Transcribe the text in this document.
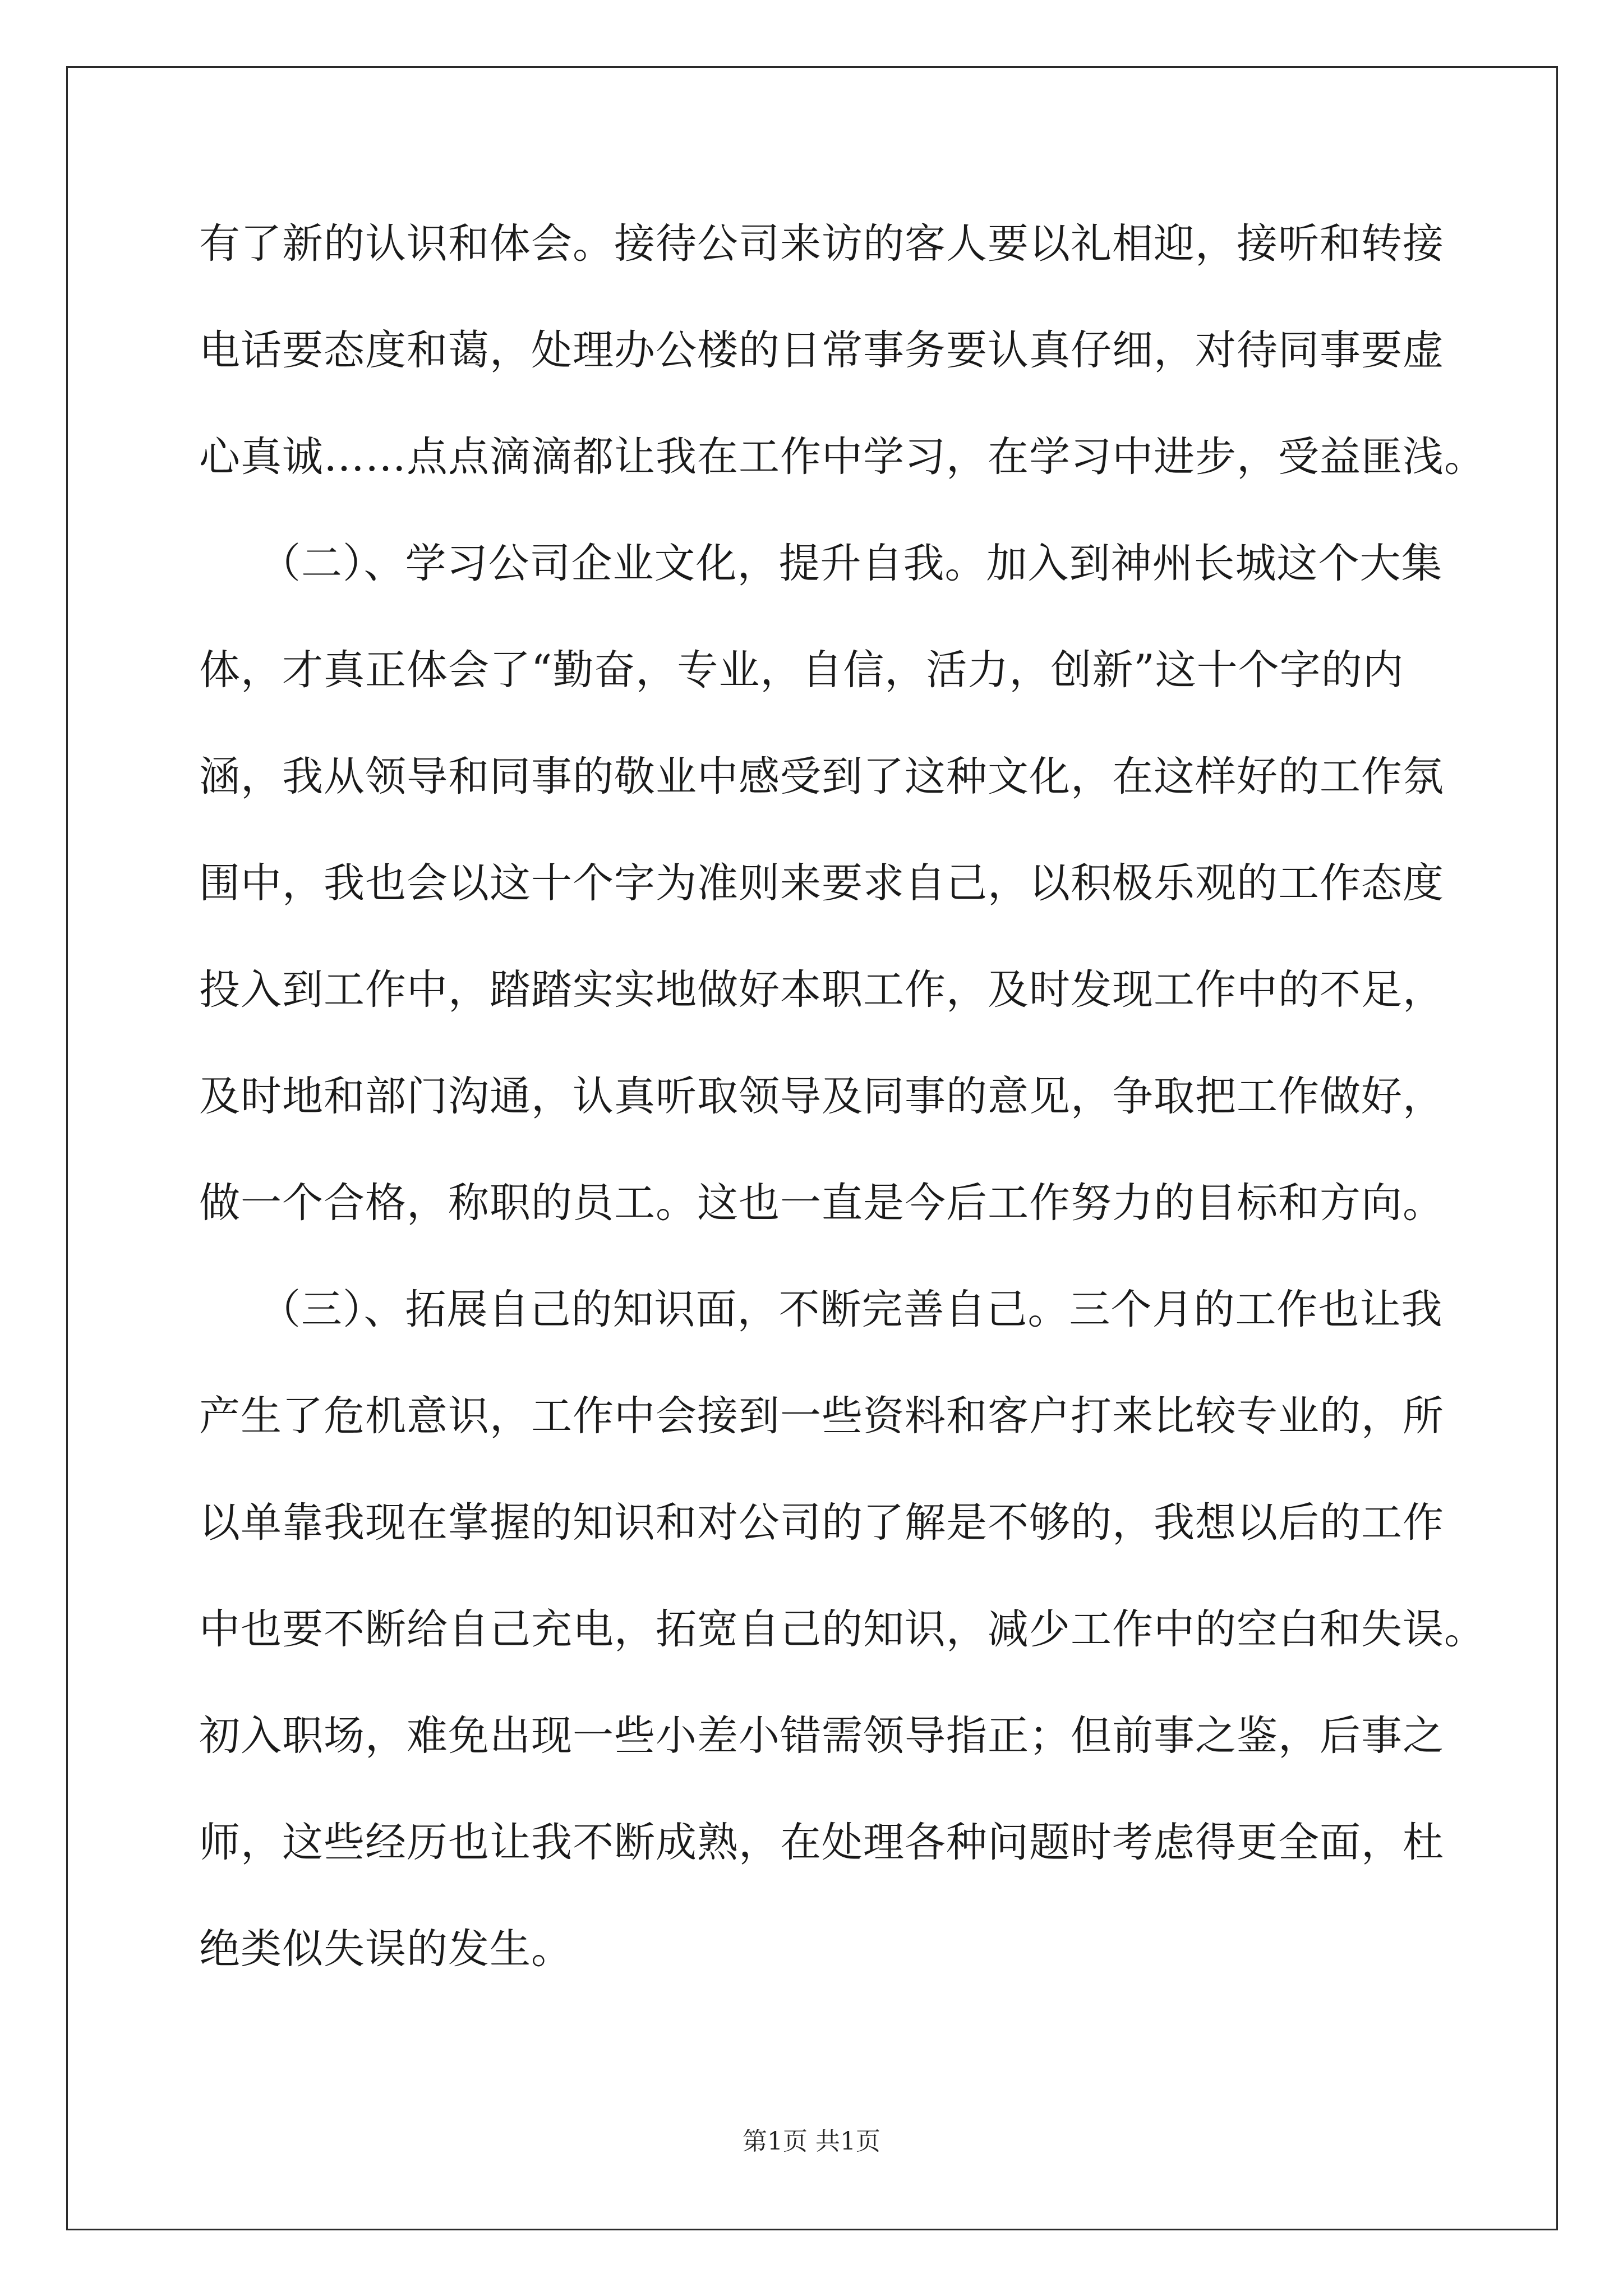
有了新的认识和体会。接待公司来访的客人要以礼相迎，接听和转接
电话要态度和蔼，处理办公楼的日常事务要认真仔细，对待同事要虚
心真诚……点点滴滴都让我在工作中学习，在学习中进步，受益匪浅。
（二）、学习公司企业文化，提升自我。加入到神州长城这个大集
体，才真正体会了“勤奋，专业，自信，活力，创新”这十个字的内
涵，我从领导和同事的敬业中感受到了这种文化，在这样好的工作氛
围中，我也会以这十个字为准则来要求自己，以积极乐观的工作态度
投入到工作中，踏踏实实地做好本职工作，及时发现工作中的不足，
及时地和部门沟通，认真听取领导及同事的意见，争取把工作做好，
做一个合格，称职的员工。这也一直是今后工作努力的目标和方向。
（三）、拓展自己的知识面，不断完善自己。三个月的工作也让我
产生了危机意识，工作中会接到一些资料和客户打来比较专业的，所
以单靠我现在掌握的知识和对公司的了解是不够的，我想以后的工作
中也要不断给自己充电，拓宽自己的知识，减少工作中的空白和失误。
初入职场，难免出现一些小差小错需领导指正；但前事之鉴，后事之
师，这些经历也让我不断成熟，在处理各种问题时考虑得更全面，杜
绝类似失误的发生。
第1页 共1页
